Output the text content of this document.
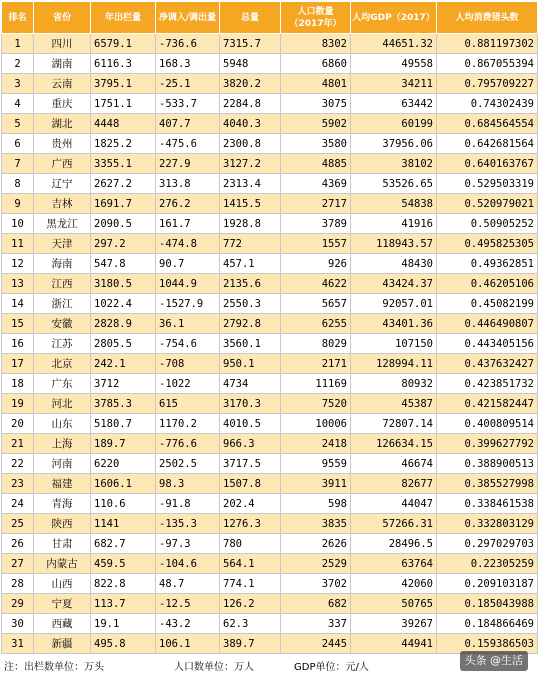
排名	省份	年出栏量	净调入/调出量	总量	人口数量（2017年）	人均GDP（2017）	人均消费猪头数
1	四川	6579.1	-736.6	7315.7	8302	44651.32	0.881197302
2	湖南	6116.3	168.3	5948	6860	49558	0.867055394
3	云南	3795.1	-25.1	3820.2	4801	34211	0.795709227
4	重庆	1751.1	-533.7	2284.8	3075	63442	0.74302439
5	湖北	4448	407.7	4040.3	5902	60199	0.684564554
6	贵州	1825.2	-475.6	2300.8	3580	37956.06	0.642681564
7	广西	3355.1	227.9	3127.2	4885	38102	0.640163767
8	辽宁	2627.2	313.8	2313.4	4369	53526.65	0.529503319
9	吉林	1691.7	276.2	1415.5	2717	54838	0.520979021
10	黑龙江	2090.5	161.7	1928.8	3789	41916	0.50905252
11	天津	297.2	-474.8	772	1557	118943.57	0.495825305
12	海南	547.8	90.7	457.1	926	48430	0.49362851
13	江西	3180.5	1044.9	2135.6	4622	43424.37	0.46205106
14	浙江	1022.4	-1527.9	2550.3	5657	92057.01	0.45082199
15	安徽	2828.9	36.1	2792.8	6255	43401.36	0.446490807
16	江苏	2805.5	-754.6	3560.1	8029	107150	0.443405156
17	北京	242.1	-708	950.1	2171	128994.11	0.437632427
18	广东	3712	-1022	4734	11169	80932	0.423851732
19	河北	3785.3	615	3170.3	7520	45387	0.421582447
20	山东	5180.7	1170.2	4010.5	10006	72807.14	0.400809514
21	上海	189.7	-776.6	966.3	2418	126634.15	0.399627792
22	河南	6220	2502.5	3717.5	9559	46674	0.388900513
23	福建	1606.1	98.3	1507.8	3911	82677	0.385527998
24	青海	110.6	-91.8	202.4	598	44047	0.338461538
25	陕西	1141	-135.3	1276.3	3835	57266.31	0.332803129
26	甘肃	682.7	-97.3	780	2626	28496.5	0.297029703
27	内蒙古	459.5	-104.6	564.1	2529	63764	0.22305259
28	山西	822.8	48.7	774.1	3702	42060	0.209103187
29	宁夏	113.7	-12.5	126.2	682	50765	0.185043988
30	西藏	19.1	-43.2	62.3	337	39267	0.184866469
31	新疆	495.8	106.1	389.7	2445	44941	0.159386503
注：出栏数单位：万头	人口数单位：万人	GDP单位：元/人
头条 @生活
